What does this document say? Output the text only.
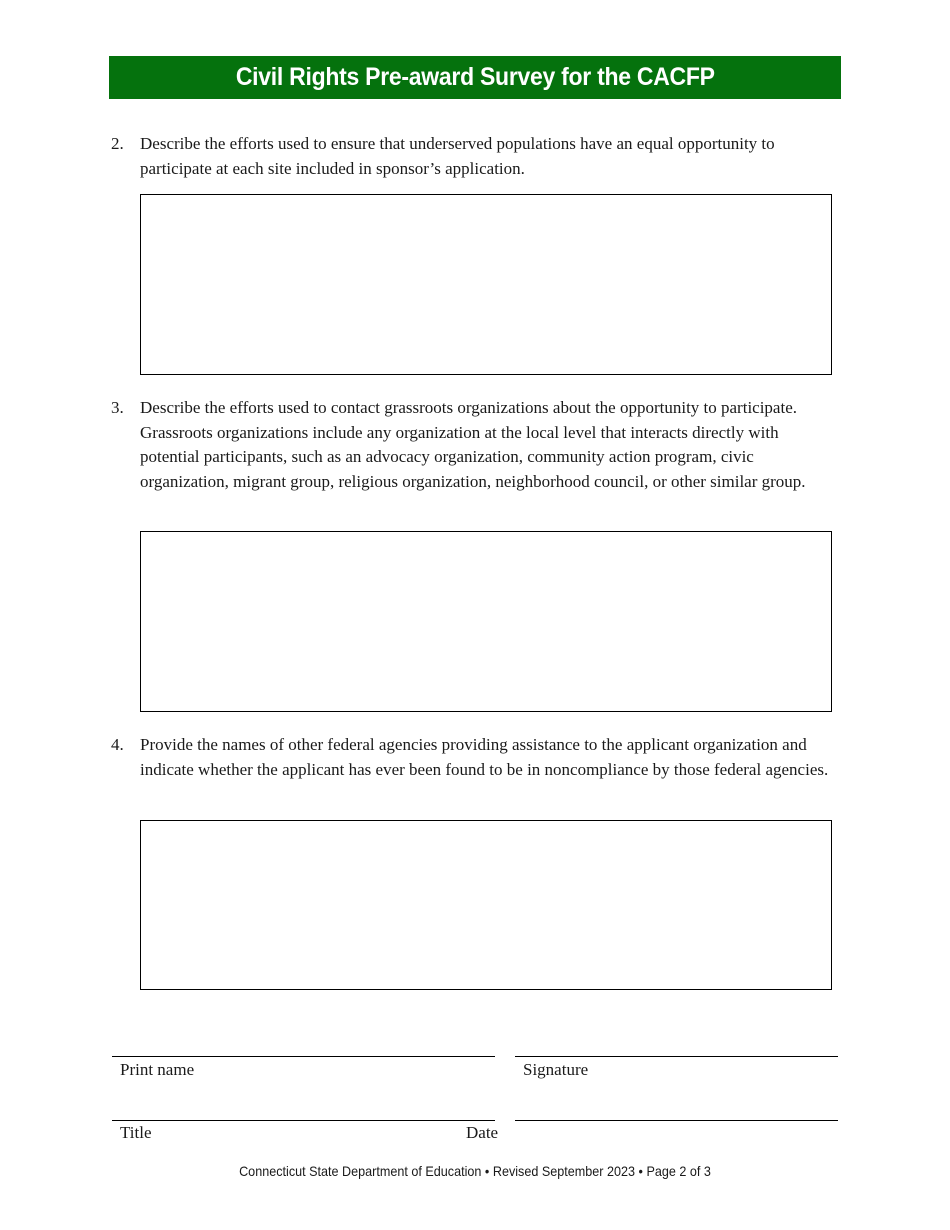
Civil Rights Pre-award Survey for the CACFP
2. Describe the efforts used to ensure that underserved populations have an equal opportunity to participate at each site included in sponsor’s application.
3. Describe the efforts used to contact grassroots organizations about the opportunity to participate. Grassroots organizations include any organization at the local level that interacts directly with potential participants, such as an advocacy organization, community action program, civic organization, migrant group, religious organization, neighborhood council, or other similar group.
4. Provide the names of other federal agencies providing assistance to the applicant organization and indicate whether the applicant has ever been found to be in noncompliance by those federal agencies.
Print name	Signature
Title	Date
Connecticut State Department of Education • Revised September 2023 • Page 2 of 3
